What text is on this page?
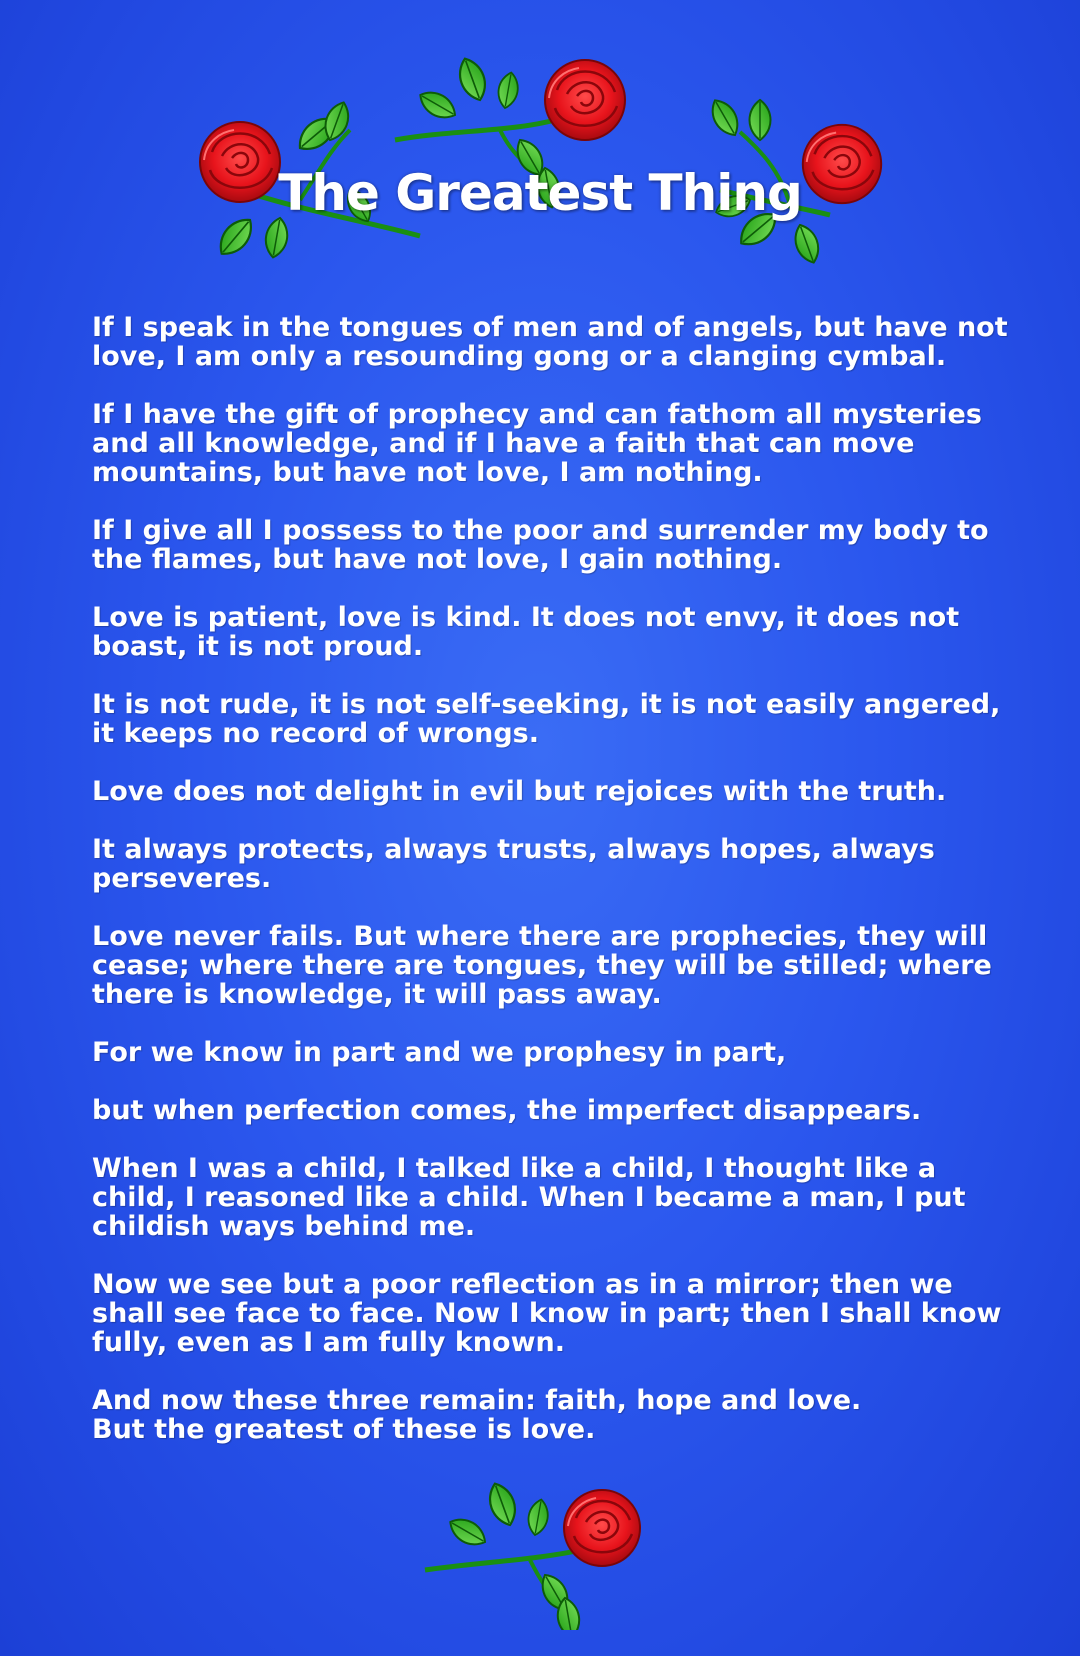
The Greatest Thing

If I speak in the tongues of men and of angels, but have not love, I am only a resounding gong or a clanging cymbal.

If I have the gift of prophecy and can fathom all mysteries and all knowledge, and if I have a faith that can move mountains, but have not love, I am nothing.

If I give all I possess to the poor and surrender my body to the flames, but have not love, I gain nothing.

Love is patient, love is kind. It does not envy, it does not boast, it is not proud.

It is not rude, it is not self-seeking, it is not easily angered, it keeps no record of wrongs.

Love does not delight in evil but rejoices with the truth.

It always protects, always trusts, always hopes, always perseveres.

Love never fails. But where there are prophecies, they will cease; where there are tongues, they will be stilled; where there is knowledge, it will pass away.

For we know in part and we prophesy in part,

but when perfection comes, the imperfect disappears.

When I was a child, I talked like a child, I thought like a child, I reasoned like a child. When I became a man, I put childish ways behind me.

Now we see but a poor reflection as in a mirror; then we shall see face to face. Now I know in part; then I shall know fully, even as I am fully known.

And now these three remain: faith, hope and love.
But the greatest of these is love.
